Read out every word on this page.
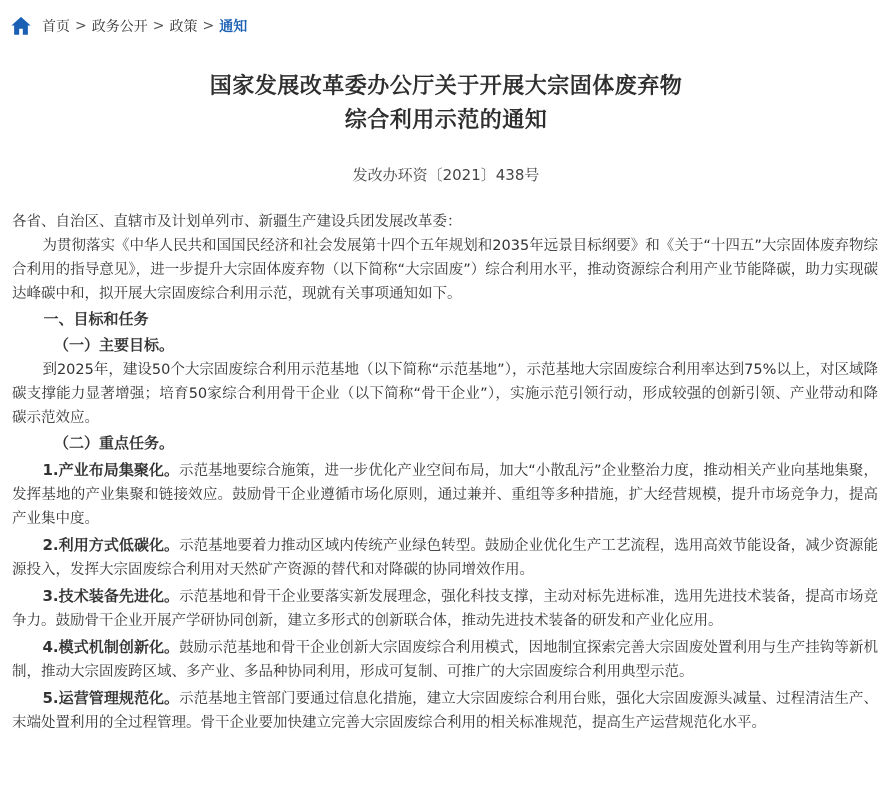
首页 > 政务公开 > 政策 > 通知
国家发展改革委办公厅关于开展大宗固体废弃物
综合利用示范的通知
发改办环资〔2021〕438号

各省、自治区、直辖市及计划单列市、新疆生产建设兵团发展改革委：

为贯彻落实《中华人民共和国国民经济和社会发展第十四个五年规划和2035年远景目标纲要》和《关于“十四五”大宗固体废弃物综合利用的指导意见》，进一步提升大宗固体废弃物（以下简称“大宗固废”）综合利用水平，推动资源综合利用产业节能降碳，助力实现碳达峰碳中和，拟开展大宗固废综合利用示范，现就有关事项通知如下。

一、目标和任务

（一）主要目标。

到2025年，建设50个大宗固废综合利用示范基地（以下简称“示范基地”），示范基地大宗固废综合利用率达到75%以上，对区域降碳支撑能力显著增强；培育50家综合利用骨干企业（以下简称“骨干企业”），实施示范引领行动，形成较强的创新引领、产业带动和降碳示范效应。

（二）重点任务。

1.产业布局集聚化。示范基地要综合施策，进一步优化产业空间布局，加大“小散乱污”企业整治力度，推动相关产业向基地集聚，发挥基地的产业集聚和链接效应。鼓励骨干企业遵循市场化原则，通过兼并、重组等多种措施，扩大经营规模，提升市场竞争力，提高产业集中度。

2.利用方式低碳化。示范基地要着力推动区域内传统产业绿色转型。鼓励企业优化生产工艺流程，选用高效节能设备，减少资源能源投入，发挥大宗固废综合利用对天然矿产资源的替代和对降碳的协同增效作用。

3.技术装备先进化。示范基地和骨干企业要落实新发展理念，强化科技支撑，主动对标先进标准，选用先进技术装备，提高市场竞争力。鼓励骨干企业开展产学研协同创新，建立多形式的创新联合体，推动先进技术装备的研发和产业化应用。

4.模式机制创新化。鼓励示范基地和骨干企业创新大宗固废综合利用模式，因地制宜探索完善大宗固废处置利用与生产挂钩等新机制，推动大宗固废跨区域、多产业、多品种协同利用，形成可复制、可推广的大宗固废综合利用典型示范。

5.运营管理规范化。示范基地主管部门要通过信息化措施，建立大宗固废综合利用台账，强化大宗固废源头减量、过程清洁生产、末端处置利用的全过程管理。骨干企业要加快建立完善大宗固废综合利用的相关标准规范，提高生产运营规范化水平。
